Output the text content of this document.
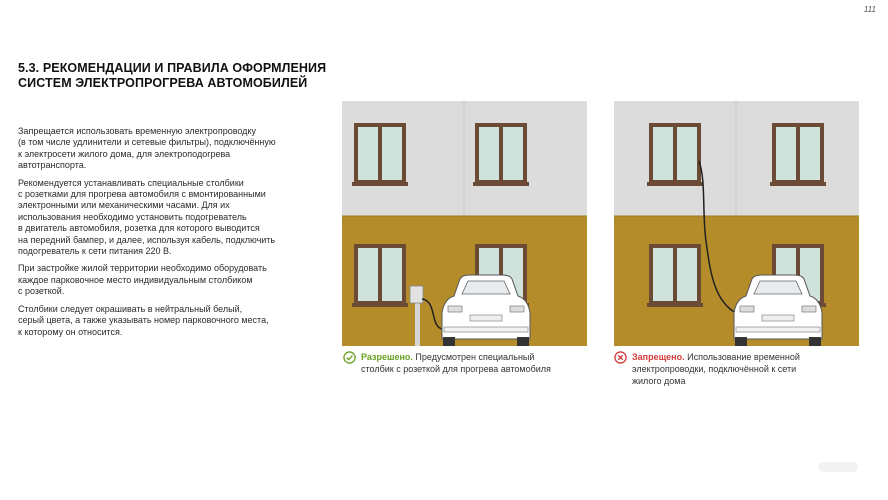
111
5.3. РЕКОМЕНДАЦИИ И ПРАВИЛА ОФОРМЛЕНИЯ
СИСТЕМ ЭЛЕКТРОПРОГРЕВА АВТОМОБИЛЕЙ

Запрещается использовать временную электропроводку
(в том числе удлинители и сетевые фильтры), подключённую
к электросети жилого дома, для электроподогрева
автотранспорта.

Рекомендуется устанавливать специальные столбики
с розетками для прогрева автомобиля с вмонтированными
электронными или механическими часами. Для их
использования необходимо установить подогреватель
в двигатель автомобиля, розетка для которого выводится
на передний бампер, и далее, используя кабель, подключить
подогреватель к сети питания 220 В.

При застройке жилой территории необходимо оборудовать
каждое парковочное место индивидуальным столбиком
с розеткой.

Столбики следует окрашивать в нейтральный белый,
серый цвета, а также указывать номер парковочного места,
к которому он относится.

Разрешено. Предусмотрен специальный
столбик с розеткой для прогрева автомобиля
Запрещено. Использование временной
электропроводки, подключённой к сети
жилого дома
